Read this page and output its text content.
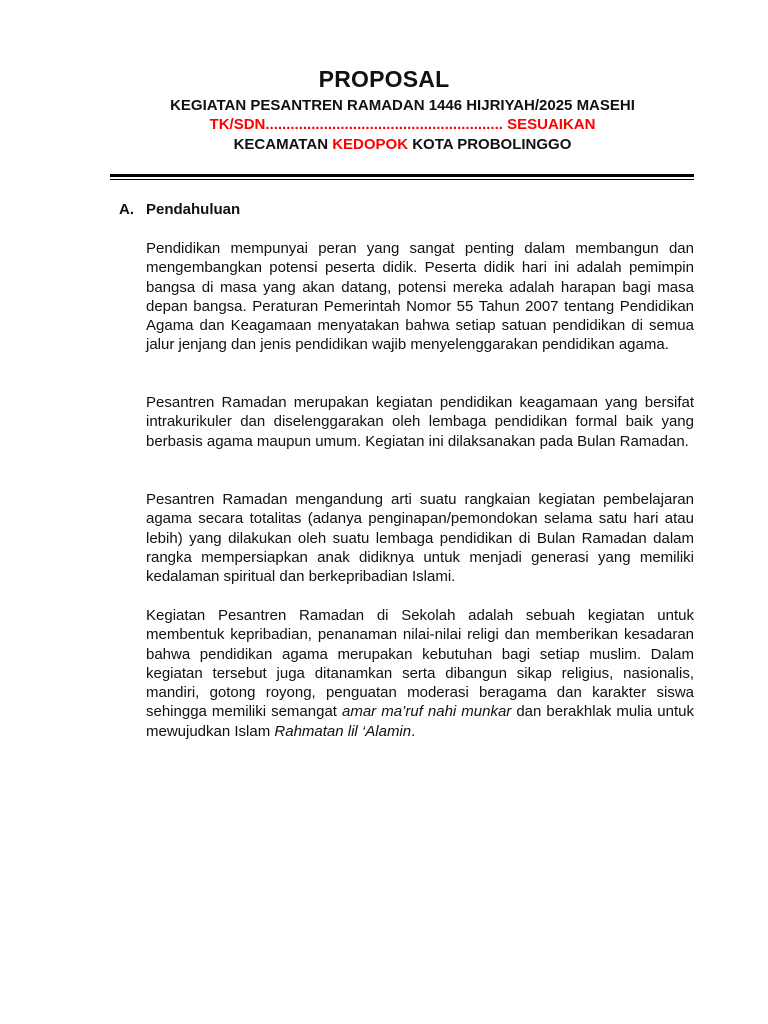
PROPOSAL
KEGIATAN PESANTREN RAMADAN 1446 HIJRIYAH/2025 MASEHI
TK/SDN......................................................... SESUAIKAN
KECAMATAN KEDOPOK KOTA PROBOLINGGO
A. Pendahuluan

Pendidikan mempunyai peran yang sangat penting dalam membangun dan mengembangkan potensi peserta didik. Peserta didik hari ini adalah pemimpin bangsa di masa yang akan datang, potensi mereka adalah harapan bagi masa depan bangsa. Peraturan Pemerintah Nomor 55 Tahun 2007 tentang Pendidikan Agama dan Keagamaan menyatakan bahwa setiap satuan pendidikan di semua jalur jenjang dan jenis pendidikan wajib menyelenggarakan pendidikan agama.

Pesantren Ramadan merupakan kegiatan pendidikan keagamaan yang bersifat intrakurikuler dan diselenggarakan oleh lembaga pendidikan formal baik yang berbasis agama maupun umum. Kegiatan ini dilaksanakan pada Bulan Ramadan.

Pesantren Ramadan mengandung arti suatu rangkaian kegiatan pembelajaran agama secara totalitas (adanya penginapan/pemondokan selama satu hari atau lebih) yang dilakukan oleh suatu lembaga pendidikan di Bulan Ramadan dalam rangka mempersiapkan anak didiknya untuk menjadi generasi yang memiliki kedalaman spiritual dan berkepribadian Islami.

Kegiatan Pesantren Ramadan di Sekolah adalah sebuah kegiatan untuk membentuk kepribadian, penanaman nilai-nilai religi dan memberikan kesadaran bahwa pendidikan agama merupakan kebutuhan bagi setiap muslim. Dalam kegiatan tersebut juga ditanamkan serta dibangun sikap religius, nasionalis, mandiri, gotong royong, penguatan moderasi beragama dan karakter siswa sehingga memiliki semangat amar ma’ruf nahi munkar dan berakhlak mulia untuk mewujudkan Islam Rahmatan lil ‘Alamin.
